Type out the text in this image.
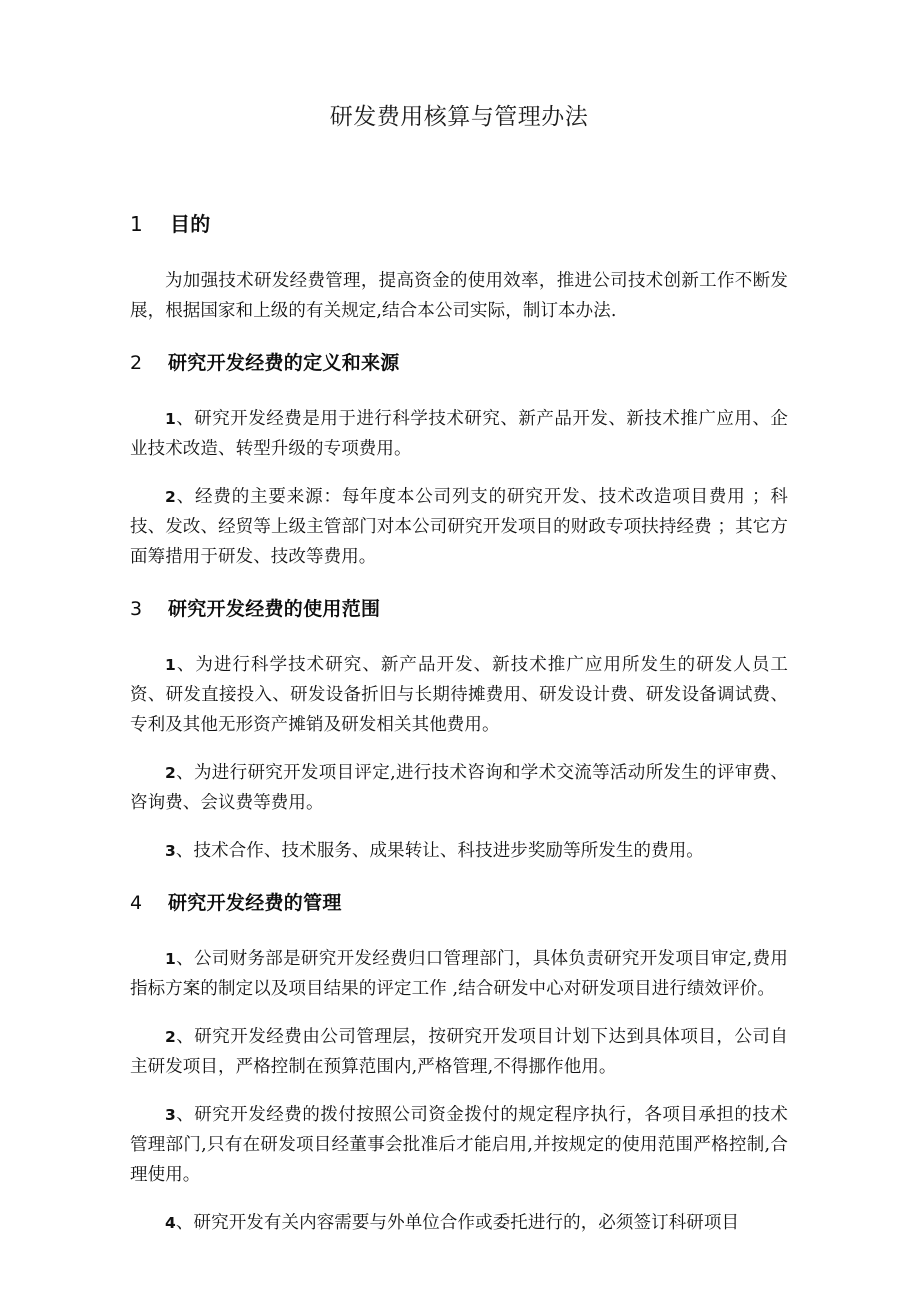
研发费用核算与管理办法
1	目的

为加强技术研发经费管理，提高资金的使用效率，推进公司技术创新工作不断发展，根据国家和上级的有关规定,结合本公司实际，制订本办法.

2	研究开发经费的定义和来源

1、研究开发经费是用于进行科学技术研究、新产品开发、新技术推广应用、企业技术改造、转型升级的专项费用。

2、经费的主要来源：每年度本公司列支的研究开发、技术改造项目费用 ；科技、发改、经贸等上级主管部门对本公司研究开发项目的财政专项扶持经费 ；其它方面筹措用于研发、技改等费用。

3	研究开发经费的使用范围

1、为进行科学技术研究、新产品开发、新技术推广应用所发生的研发人员工资、研发直接投入、研发设备折旧与长期待摊费用、研发设计费、研发设备调试费、专利及其他无形资产摊销及研发相关其他费用。

2、为进行研究开发项目评定,进行技术咨询和学术交流等活动所发生的评审费、咨询费、会议费等费用。

3、技术合作、技术服务、成果转让、科技进步奖励等所发生的费用。

4	研究开发经费的管理

1、公司财务部是研究开发经费归口管理部门，具体负责研究开发项目审定,费用指标方案的制定以及项目结果的评定工作 ,结合研发中心对研发项目进行绩效评价。

2、研究开发经费由公司管理层，按研究开发项目计划下达到具体项目，公司自主研发项目，严格控制在预算范围内,严格管理,不得挪作他用。

3、研究开发经费的拨付按照公司资金拨付的规定程序执行，各项目承担的技术管理部门,只有在研发项目经董事会批准后才能启用,并按规定的使用范围严格控制,合理使用。

4、研究开发有关内容需要与外单位合作或委托进行的，必须签订科研项目
